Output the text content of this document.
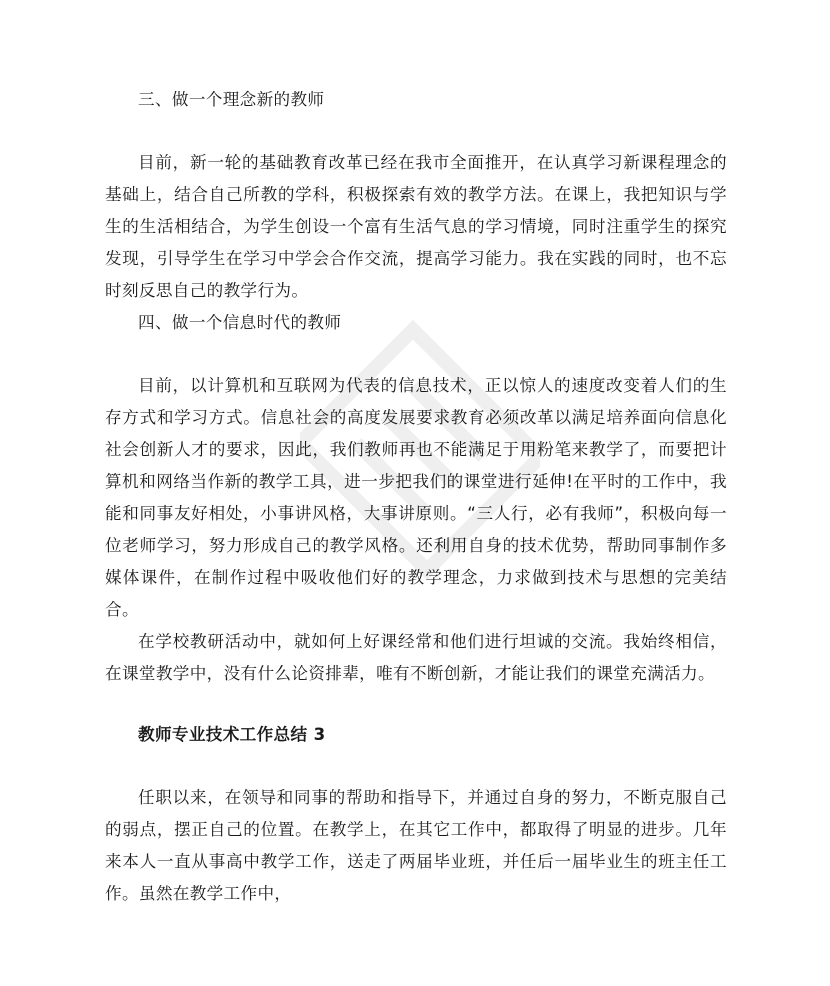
三、做一个理念新的教师
目前，新一轮的基础教育改革已经在我市全面推开，在认真学习新课程理念的基础上，结合自己所教的学科，积极探索有效的教学方法。在课上，我把知识与学生的生活相结合，为学生创设一个富有生活气息的学习情境，同时注重学生的探究发现，引导学生在学习中学会合作交流，提高学习能力。我在实践的同时，也不忘时刻反思自己的教学行为。
四、做一个信息时代的教师
目前，以计算机和互联网为代表的信息技术，正以惊人的速度改变着人们的生存方式和学习方式。信息社会的高度发展要求教育必须改革以满足培养面向信息化社会创新人才的要求，因此，我们教师再也不能满足于用粉笔来教学了，而要把计算机和网络当作新的教学工具，进一步把我们的课堂进行延伸!在平时的工作中，我能和同事友好相处，小事讲风格，大事讲原则。“三人行，必有我师”，积极向每一位老师学习，努力形成自己的教学风格。还利用自身的技术优势，帮助同事制作多媒体课件，在制作过程中吸收他们好的教学理念，力求做到技术与思想的完美结合。
在学校教研活动中，就如何上好课经常和他们进行坦诚的交流。我始终相信，在课堂教学中，没有什么论资排辈，唯有不断创新，才能让我们的课堂充满活力。
教师专业技术工作总结 3
任职以来，在领导和同事的帮助和指导下，并通过自身的努力，不断克服自己的弱点，摆正自己的位置。在教学上，在其它工作中，都取得了明显的进步。几年来本人一直从事高中教学工作，送走了两届毕业班，并任后一届毕业生的班主任工作。虽然在教学工作中，
